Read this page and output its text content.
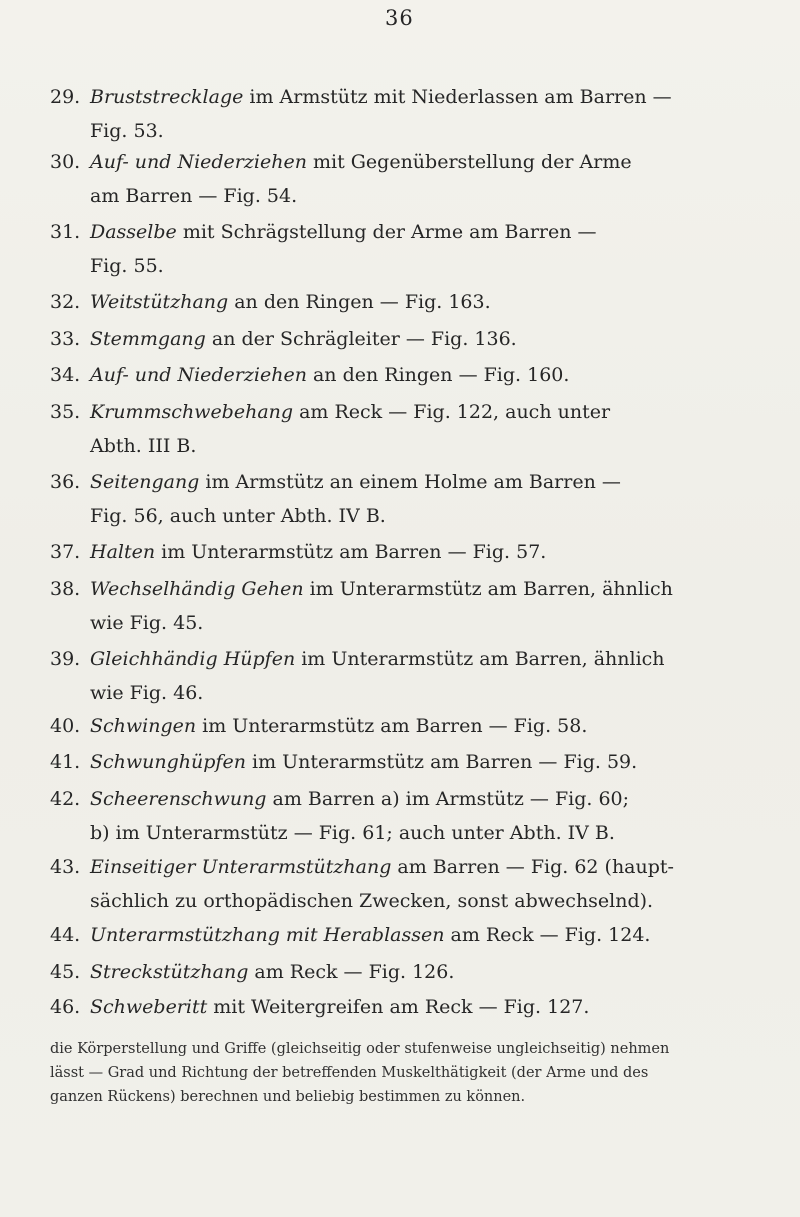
36
29. Bruststrecklage im Armstütz mit Niederlassen am Barren —
Fig. 53.
30. Auf- und Niederziehen mit Gegenüberstellung der Arme
am Barren — Fig. 54.
31. Dasselbe mit Schrägstellung der Arme am Barren —
Fig. 55.
32. Weitstützhang an den Ringen — Fig. 163.
33. Stemmgang an der Schrägleiter — Fig. 136.
34. Auf- und Niederziehen an den Ringen — Fig. 160.
35. Krummschwebehang am Reck — Fig. 122, auch unter
Abth. III B.
36. Seitengang im Armstütz an einem Holme am Barren —
Fig. 56, auch unter Abth. IV B.
37. Halten im Unterarmstütz am Barren — Fig. 57.
38. Wechselhändig Gehen im Unterarmstütz am Barren, ähnlich
wie Fig. 45.
39. Gleichhändig Hüpfen im Unterarmstütz am Barren, ähnlich
wie Fig. 46.
40. Schwingen im Unterarmstütz am Barren — Fig. 58.
41. Schwunghüpfen im Unterarmstütz am Barren — Fig. 59.
42. Scheerenschwung am Barren a) im Armstütz — Fig. 60;
b) im Unterarmstütz — Fig. 61; auch unter Abth. IV B.
43. Einseitiger Unterarmstützhang am Barren — Fig. 62 (haupt-
sächlich zu orthopädischen Zwecken, sonst abwechselnd).
44. Unterarmstützhang mit Herablassen am Reck — Fig. 124.
45. Streckstützhang am Reck — Fig. 126.
46. Schweberitt mit Weitergreifen am Reck — Fig. 127.
die Körperstellung und Griffe (gleichseitig oder stufenweise ungleichseitig) nehmen
lässt — Grad und Richtung der betreffenden Muskelthätigkeit (der Arme und des
ganzen Rückens) berechnen und beliebig bestimmen zu können.
